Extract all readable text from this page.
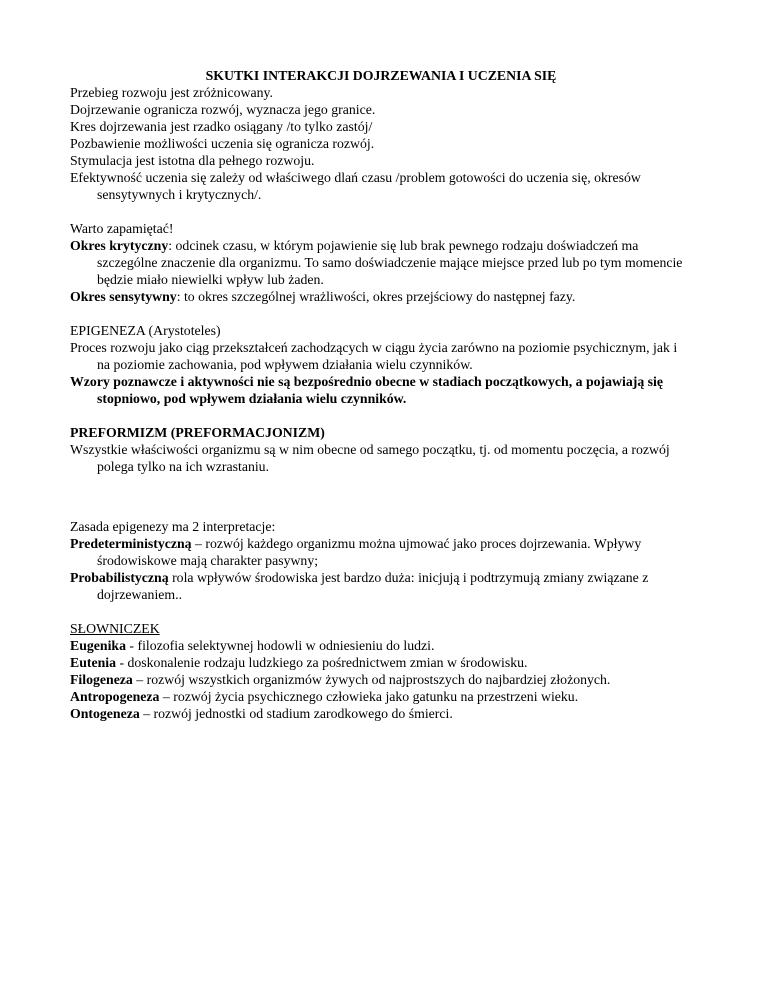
SKUTKI INTERAKCJI DOJRZEWANIA I UCZENIA SIĘ

Przebieg rozwoju jest zróżnicowany.

Dojrzewanie ogranicza rozwój, wyznacza jego granice.

Kres dojrzewania jest rzadko osiągany /to tylko zastój/

Pozbawienie możliwości uczenia się ogranicza rozwój.

Stymulacja jest istotna dla pełnego rozwoju.

Efektywność uczenia się zależy od właściwego dlań czasu /problem gotowości do uczenia się, okresów sensytywnych i krytycznych/.

Warto zapamiętać!

Okres krytyczny: odcinek czasu, w którym pojawienie się lub brak pewnego rodzaju doświadczeń ma szczególne znaczenie dla organizmu. To samo doświadczenie mające miejsce przed lub po tym momencie będzie miało niewielki wpływ lub żaden.

Okres sensytywny: to okres szczególnej wrażliwości, okres przejściowy do następnej fazy.

EPIGENEZA (Arystoteles)

Proces rozwoju jako ciąg przekształceń zachodzących w ciągu życia zarówno na poziomie psychicznym, jak i na poziomie zachowania, pod wpływem działania wielu czynników.

Wzory poznawcze i aktywności nie są bezpośrednio obecne w stadiach początkowych, a pojawiają się stopniowo, pod wpływem działania wielu czynników.

PREFORMIZM (PREFORMACJONIZM)

Wszystkie właściwości organizmu są w nim obecne od samego początku, tj. od momentu poczęcia, a rozwój polega tylko na ich wzrastaniu.

Zasada epigenezy ma 2 interpretacje:

Predeterministyczną – rozwój każdego organizmu można ujmować jako proces dojrzewania. Wpływy środowiskowe mają charakter pasywny;

Probabilistyczną rola wpływów środowiska jest bardzo duża: inicjują i podtrzymują zmiany związane z dojrzewaniem..

SŁOWNICZEK

Eugenika - filozofia selektywnej hodowli w odniesieniu do ludzi.

Eutenia - doskonalenie rodzaju ludzkiego za pośrednictwem zmian w środowisku.

Filogeneza – rozwój wszystkich organizmów żywych od najprostszych do najbardziej złożonych.

Antropogeneza – rozwój życia psychicznego człowieka jako gatunku na przestrzeni wieku.

Ontogeneza – rozwój jednostki od stadium zarodkowego do śmierci.
